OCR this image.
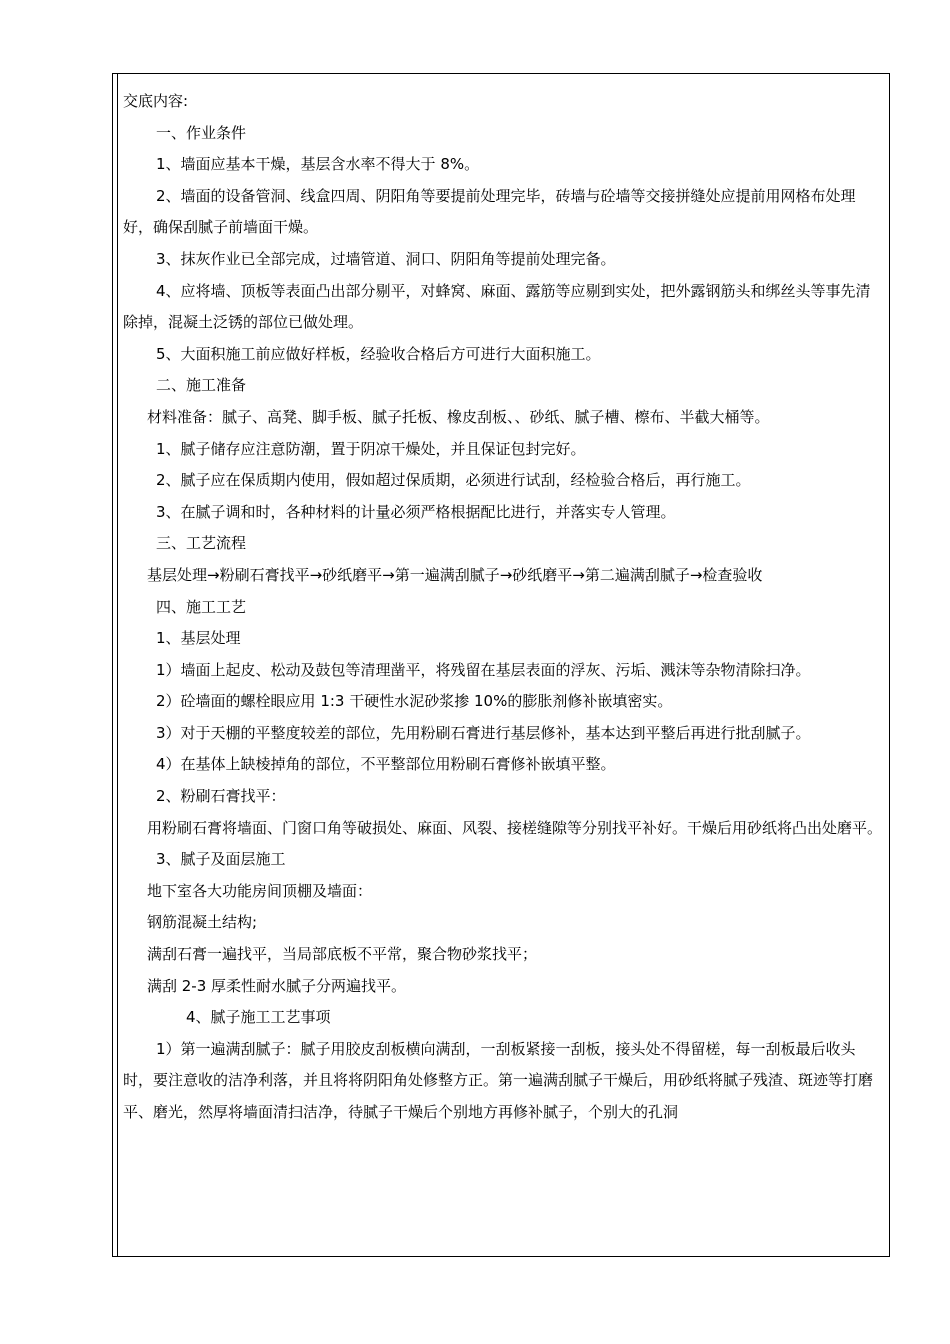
交底内容:
一、作业条件
1、墙面应基本干燥，基层含水率不得大于 8%。
2、墙面的设备管洞、线盒四周、阴阳角等要提前处理完毕，砖墙与砼墙等交接拼缝处应提前用网格布处理好，确保刮腻子前墙面干燥。
3、抹灰作业已全部完成，过墙管道、洞口、阴阳角等提前处理完备。
4、应将墙、顶板等表面凸出部分剔平，对蜂窝、麻面、露筋等应剔到实处，把外露钢筋头和绑丝头等事先清除掉，混凝土泛锈的部位已做处理。
5、大面积施工前应做好样板，经验收合格后方可进行大面积施工。
二、施工准备
材料准备：腻子、高凳、脚手板、腻子托板、橡皮刮板、、砂纸、腻子槽、檫布、半截大桶等。
1、腻子储存应注意防潮，置于阴凉干燥处，并且保证包封完好。
2、腻子应在保质期内使用，假如超过保质期，必须进行试刮，经检验合格后，再行施工。
3、在腻子调和时，各种材料的计量必须严格根据配比进行，并落实专人管理。
三、工艺流程
基层处理→粉刷石膏找平→砂纸磨平→第一遍满刮腻子→砂纸磨平→第二遍满刮腻子→检查验收
四、施工工艺
1、基层处理
1）墙面上起皮、松动及鼓包等清理凿平，将残留在基层表面的浮灰、污垢、溅沫等杂物清除扫净。
2）砼墙面的螺栓眼应用 1:3 干硬性水泥砂浆掺 10%的膨胀剂修补嵌填密实。
3）对于天棚的平整度较差的部位，先用粉刷石膏进行基层修补，基本达到平整后再进行批刮腻子。
4）在基体上缺棱掉角的部位，不平整部位用粉刷石膏修补嵌填平整。
2、粉刷石膏找平：
用粉刷石膏将墙面、门窗口角等破损处、麻面、风裂、接槎缝隙等分别找平补好。干燥后用砂纸将凸出处磨平。
3、腻子及面层施工
地下室各大功能房间顶棚及墙面：
钢筋混凝土结构;
满刮石膏一遍找平，当局部底板不平常，聚合物砂浆找平；
满刮 2-3 厚柔性耐水腻子分两遍找平。
4、腻子施工工艺事项
1）第一遍满刮腻子：腻子用胶皮刮板横向满刮，一刮板紧接一刮板，接头处不得留槎，每一刮板最后收头时，要注意收的洁净利落，并且将将阴阳角处修整方正。第一遍满刮腻子干燥后，用砂纸将腻子残渣、斑迹等打磨平、磨光，然厚将墙面清扫洁净，待腻子干燥后个别地方再修补腻子，个别大的孔洞
